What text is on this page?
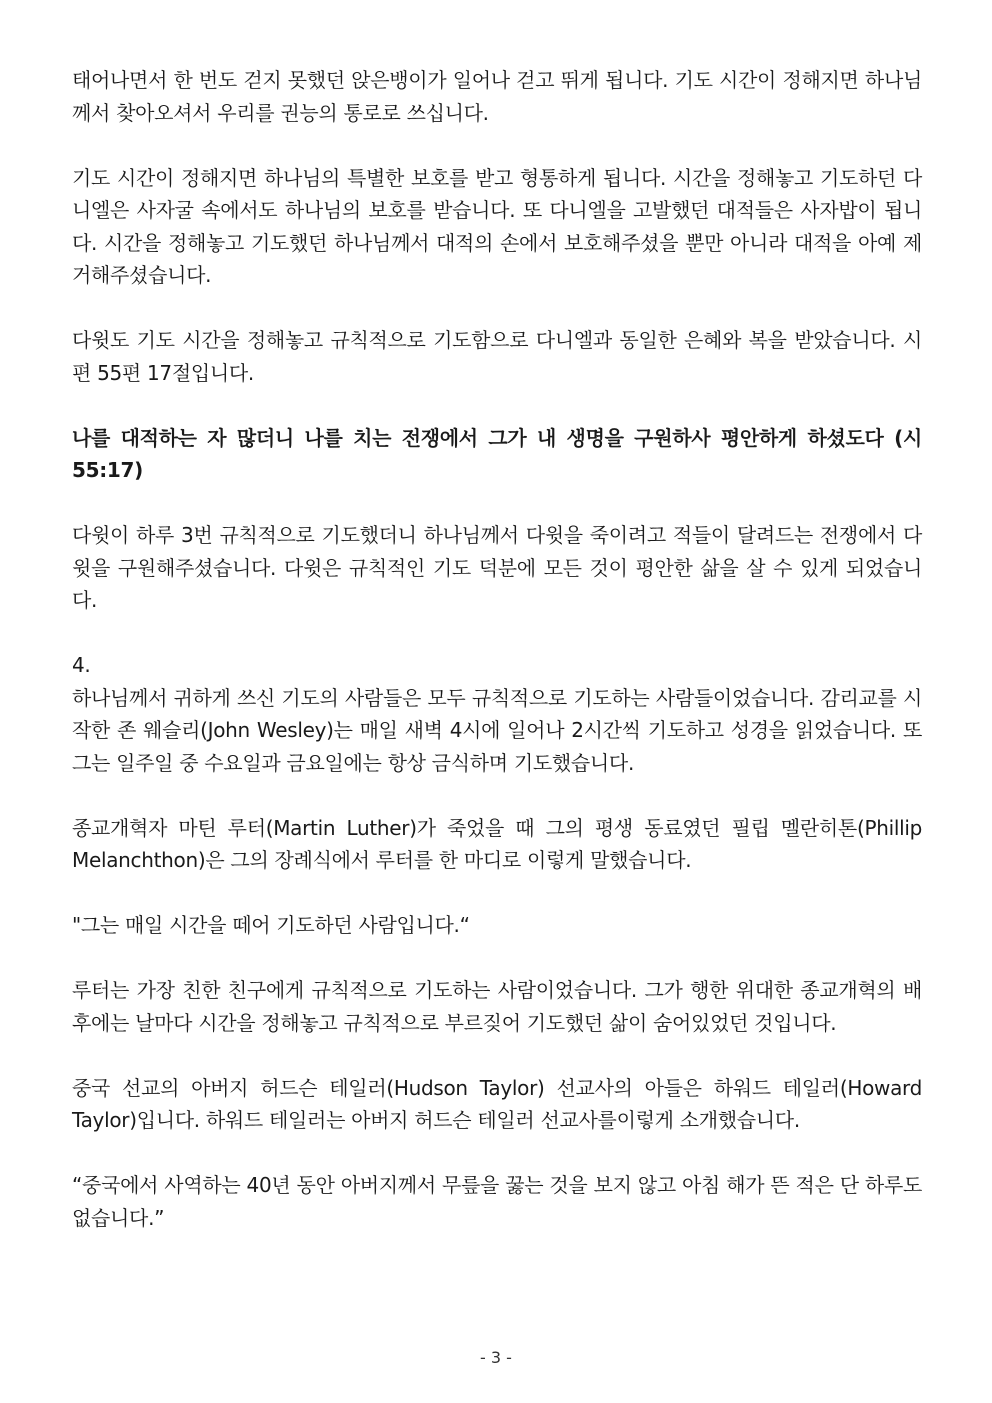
태어나면서 한 번도 걷지 못했던 앉은뱅이가 일어나 걷고 뛰게 됩니다. 기도 시간이 정해지면 하나님께서 찾아오셔서 우리를 권능의 통로로 쓰십니다.

기도 시간이 정해지면 하나님의 특별한 보호를 받고 형통하게 됩니다. 시간을 정해놓고 기도하던 다니엘은 사자굴 속에서도 하나님의 보호를 받습니다. 또 다니엘을 고발했던 대적들은 사자밥이 됩니다. 시간을 정해놓고 기도했던 하나님께서 대적의 손에서 보호해주셨을 뿐만 아니라 대적을 아예 제거해주셨습니다.

다윗도 기도 시간을 정해놓고 규칙적으로 기도함으로 다니엘과 동일한 은혜와 복을 받았습니다. 시편 55편 17절입니다.

나를 대적하는 자 많더니 나를 치는 전쟁에서 그가 내 생명을 구원하사 평안하게 하셨도다 (시 55:17)

다윗이 하루 3번 규칙적으로 기도했더니 하나님께서 다윗을 죽이려고 적들이 달려드는 전쟁에서 다윗을 구원해주셨습니다. 다윗은 규칙적인 기도 덕분에 모든 것이 평안한 삶을 살 수 있게 되었습니다.

4.

하나님께서 귀하게 쓰신 기도의 사람들은 모두 규칙적으로 기도하는 사람들이었습니다. 감리교를 시작한 존 웨슬리(John Wesley)는 매일 새벽 4시에 일어나 2시간씩 기도하고 성경을 읽었습니다. 또 그는 일주일 중 수요일과 금요일에는 항상 금식하며 기도했습니다.

종교개혁자 마틴 루터(Martin Luther)가 죽었을 때 그의 평생 동료였던 필립 멜란히톤(Phillip Melanchthon)은 그의 장례식에서 루터를 한 마디로 이렇게 말했습니다.

"그는 매일 시간을 떼어 기도하던 사람입니다.“

루터는 가장 친한 친구에게 규칙적으로 기도하는 사람이었습니다. 그가 행한 위대한 종교개혁의 배후에는 날마다 시간을 정해놓고 규칙적으로 부르짖어 기도했던 삶이 숨어있었던 것입니다.

중국 선교의 아버지 허드슨 테일러(Hudson Taylor) 선교사의 아들은 하워드 테일러(Howard Taylor)입니다. 하워드 테일러는 아버지 허드슨 테일러 선교사를이렇게 소개했습니다.

“중국에서 사역하는 40년 동안 아버지께서 무릎을 꿇는 것을 보지 않고 아침 해가 뜬 적은 단 하루도 없습니다.”

- 3 -
